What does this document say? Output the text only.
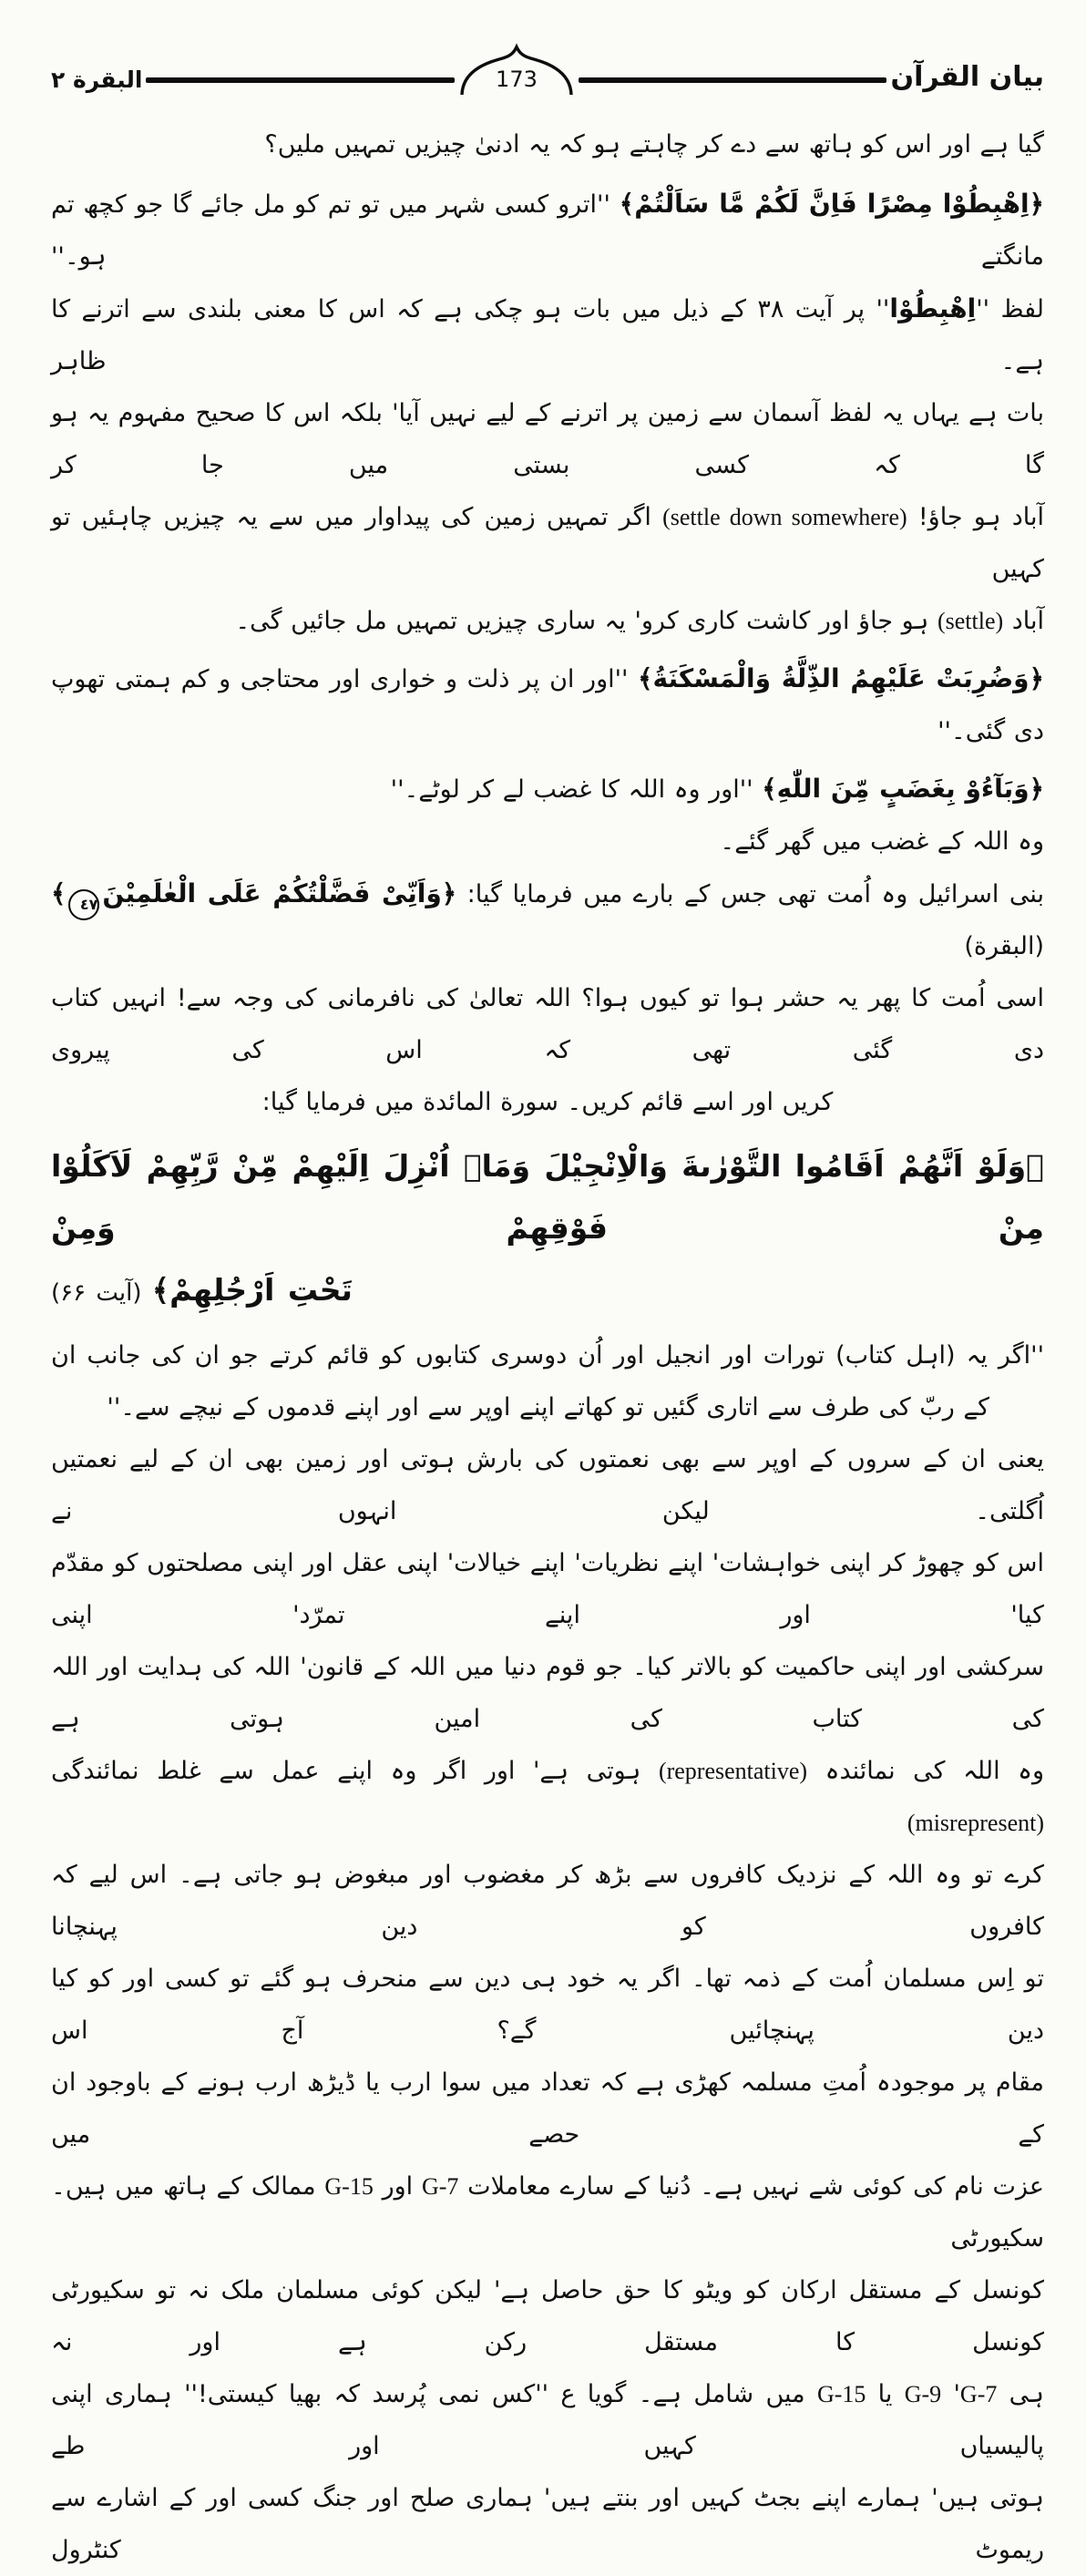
بیان القرآن
173
البقرة ٢
گیا ہے اور اس کو ہاتھ سے دے کر چاہتے ہو کہ یہ ادنیٰ چیزیں تمہیں ملیں؟
﴿اِهْبِطُوْا مِصْرًا فَاِنَّ لَكُمْ مَّا سَاَلْتُمْ﴾ ''اترو کسی شہر میں تو تم کو مل جائے گا جو کچھ تم مانگتے ہو۔''
لفظ ''اِهْبِطُوْا'' پر آیت ۳۸ کے ذیل میں بات ہو چکی ہے کہ اس کا معنی بلندی سے اترنے کا ہے۔ ظاہر
بات ہے یہاں یہ لفظ آسمان سے زمین پر اترنے کے لیے نہیں آیا' بلکہ اس کا صحیح مفہوم یہ ہو گا کہ کسی بستی میں جا کر
آباد ہو جاؤ! (settle down somewhere) اگر تمہیں زمین کی پیداوار میں سے یہ چیزیں چاہئیں تو کہیں
آباد (settle) ہو جاؤ اور کاشت کاری کرو' یہ ساری چیزیں تمہیں مل جائیں گی۔
﴿وَضُرِبَتْ عَلَیْهِمُ الذِّلَّةُ وَالْمَسْكَنَةُ﴾ ''اور ان پر ذلت و خواری اور محتاجی و کم ہمتی تھوپ
دی گئی۔''
﴿وَبَآءُوْ بِغَضَبٍ مِّنَ اللّٰهِ﴾ ''اور وہ اللہ کا غضب لے کر لوٹے۔''
وہ اللہ کے غضب میں گھر گئے۔
بنی اسرائیل وہ اُمت تھی جس کے بارے میں فرمایا گیا: ﴿وَاَنِّیْ فَضَّلْتُكُمْ عَلَی الْعٰلَمِیْنَ٤٧﴾ (البقرة)
اسی اُمت کا پھر یہ حشر ہوا تو کیوں ہوا؟ اللہ تعالیٰ کی نافرمانی کی وجہ سے! انہیں کتاب دی گئی تھی کہ اس کی پیروی
کریں اور اسے قائم کریں۔ سورة المائدة میں فرمایا گیا:
﴿وَلَوْ اَنَّهُمْ اَقَامُوا التَّوْرٰىةَ وَالْاِنْجِیْلَ وَمَاۤ اُنْزِلَ اِلَیْهِمْ مِّنْ رَّبِّهِمْ لَاَكَلُوْا مِنْ فَوْقِهِمْ وَمِنْ
تَحْتِ اَرْجُلِهِمْ﴾ (آیت ۶۶)
''اگر یہ (اہل کتاب) تورات اور انجیل اور اُن دوسری کتابوں کو قائم کرتے جو ان کی جانب ان
کے ربّ کی طرف سے اتاری گئیں تو کھاتے اپنے اوپر سے اور اپنے قدموں کے نیچے سے۔''
یعنی ان کے سروں کے اوپر سے بھی نعمتوں کی بارش ہوتی اور زمین بھی ان کے لیے نعمتیں اُگلتی۔ لیکن انہوں نے
اس کو چھوڑ کر اپنی خواہشات' اپنے نظریات' اپنے خیالات' اپنی عقل اور اپنی مصلحتوں کو مقدّم کیا' اور اپنے تمرّد' اپنی
سرکشی اور اپنی حاکمیت کو بالاتر کیا۔ جو قوم دنیا میں اللہ کے قانون' اللہ کی ہدایت اور اللہ کی کتاب کی امین ہوتی ہے
وہ اللہ کی نمائندہ (representative) ہوتی ہے' اور اگر وہ اپنے عمل سے غلط نمائندگی (misrepresent)
کرے تو وہ اللہ کے نزدیک کافروں سے بڑھ کر مغضوب اور مبغوض ہو جاتی ہے۔ اس لیے کہ کافروں کو دین پہنچانا
تو اِس مسلمان اُمت کے ذمہ تھا۔ اگر یہ خود ہی دین سے منحرف ہو گئے تو کسی اور کو کیا دین پہنچائیں گے؟ آج اس
مقام پر موجودہ اُمتِ مسلمہ کھڑی ہے کہ تعداد میں سوا ارب یا ڈیڑھ ارب ہونے کے باوجود ان کے حصے میں
عزت نام کی کوئی شے نہیں ہے۔ دُنیا کے سارے معاملات G-7 اور G-15 ممالک کے ہاتھ میں ہیں۔ سکیورٹی
کونسل کے مستقل ارکان کو ویٹو کا حق حاصل ہے' لیکن کوئی مسلمان ملک نہ تو سکیورٹی کونسل کا مستقل رکن ہے اور نہ
ہی G-7' G-9 یا G-15 میں شامل ہے۔ گویا ع ''کس نمی پُرسد کہ بھیا کیستی!'' ہماری اپنی پالیسیاں کہیں اور طے
ہوتی ہیں' ہمارے اپنے بجٹ کہیں اور بنتے ہیں' ہماری صلح اور جنگ کسی اور کے اشارے سے ریموٹ کنٹرول
